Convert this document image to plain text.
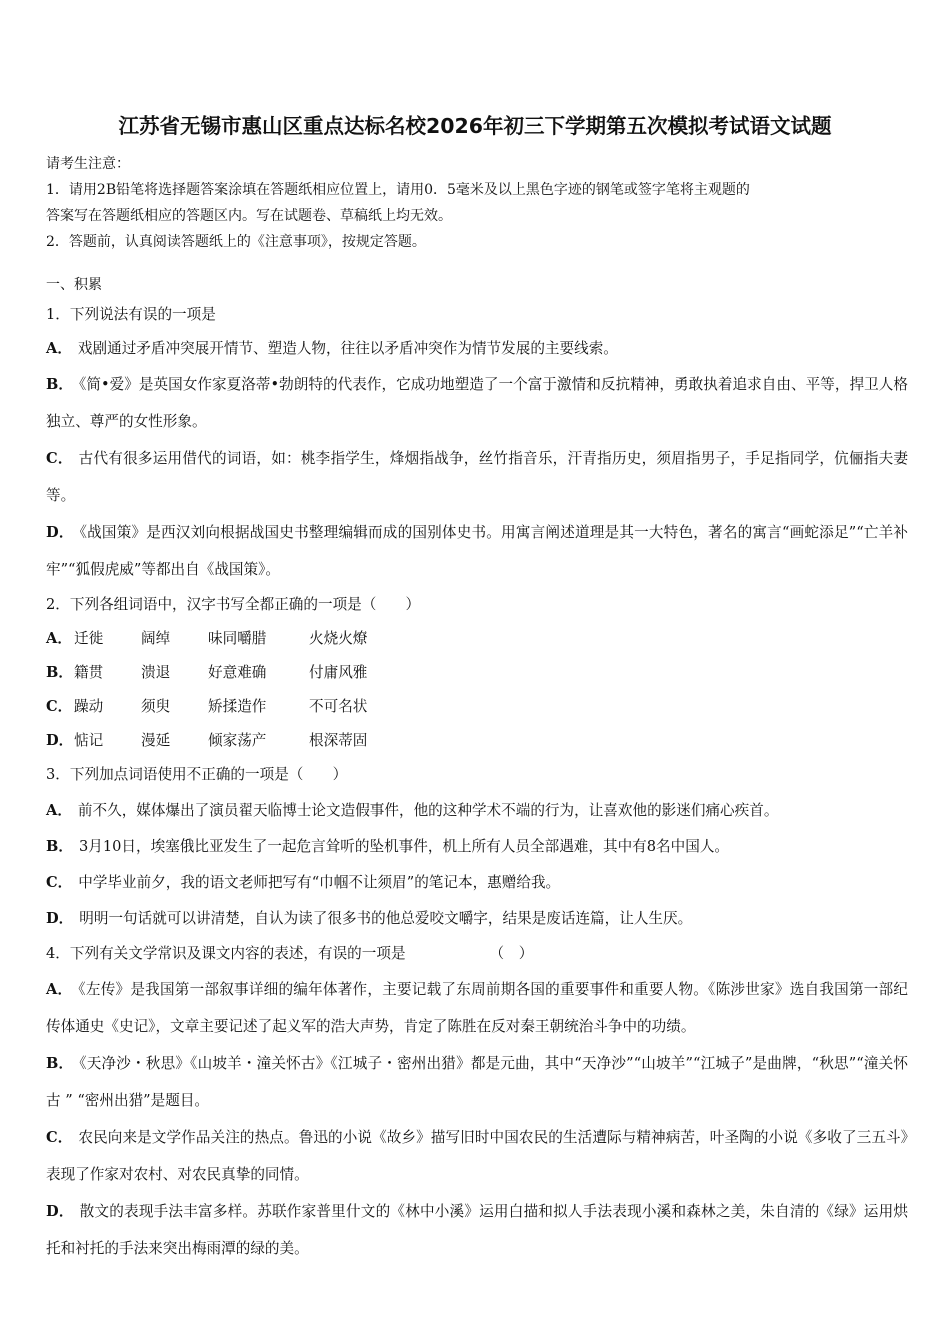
江苏省无锡市惠山区重点达标名校2026年初三下学期第五次模拟考试语文试题
请考生注意：
1．请用2B铅笔将选择题答案涂填在答题纸相应位置上，请用0．5毫米及以上黑色字迹的钢笔或签字笔将主观题的
答案写在答题纸相应的答题区内。写在试题卷、草稿纸上均无效。
2．答题前，认真阅读答题纸上的《注意事项》，按规定答题。
一、积累
1．下列说法有误的一项是
A． 戏剧通过矛盾冲突展开情节、塑造人物，往往以矛盾冲突作为情节发展的主要线索。
B． 《简•爱》是英国女作家夏洛蒂•勃朗特的代表作，它成功地塑造了一个富于激情和反抗精神，勇敢执着追求自由、平等，捍卫人格独立、尊严的女性形象。
C． 古代有很多运用借代的词语，如：桃李指学生，烽烟指战争，丝竹指音乐，汗青指历史，须眉指男子，手足指同学，伉俪指夫妻等。
D． 《战国策》是西汉刘向根据战国史书整理编辑而成的国别体史书。用寓言阐述道理是其一大特色，著名的寓言“画蛇添足”“亡羊补牢”“狐假虎威”等都出自《战国策》。
2．下列各组词语中，汉字书写全都正确的一项是（　　）
A． 迁徙	阔绰	味同嚼腊	火烧火燎
B．籍贯	溃退	好意难确	付庸风雅
C． 躁动	须臾	矫揉造作	不可名状
D．惦记	漫延	倾家荡产	根深蒂固
3．下列加点词语使用不正确的一项是（　　）
A． 前不久，媒体爆出了演员翟天临博士论文造假事件，他的这种学术不端的行为，让喜欢他的影迷们痛心疾首。
B． 3月10日，埃塞俄比亚发生了一起危言耸听的坠机事件，机上所有人员全部遇难，其中有8名中国人。
C． 中学毕业前夕，我的语文老师把写有“巾帼不让须眉”的笔记本，惠赠给我。
D． 明明一句话就可以讲清楚，自认为读了很多书的他总爱咬文嚼字，结果是废话连篇，让人生厌。
4．下列有关文学常识及课文内容的表述，有误的一项是	（　）
A． 《左传》是我国第一部叙事详细的编年体著作，主要记载了东周前期各国的重要事件和重要人物。《陈涉世家》选自我国第一部纪传体通史《史记》，文章主要记述了起义军的浩大声势，肯定了陈胜在反对秦王朝统治斗争中的功绩。
B． 《天净沙・秋思》《山坡羊・潼关怀古》《江城子・密州出猎》都是元曲，其中“天净沙”“山坡羊”“江城子”是曲牌，“秋思”“潼关怀古 ” “密州出猎”是题目。
C． 农民向来是文学作品关注的热点。鲁迅的小说《故乡》描写旧时中国农民的生活遭际与精神病苦，叶圣陶的小说《多收了三五斗》表现了作家对农村、对农民真挚的同情。
D． 散文的表现手法丰富多样。苏联作家普里什文的《林中小溪》运用白描和拟人手法表现小溪和森林之美，朱自清的《绿》运用烘托和衬托的手法来突出梅雨潭的绿的美。
